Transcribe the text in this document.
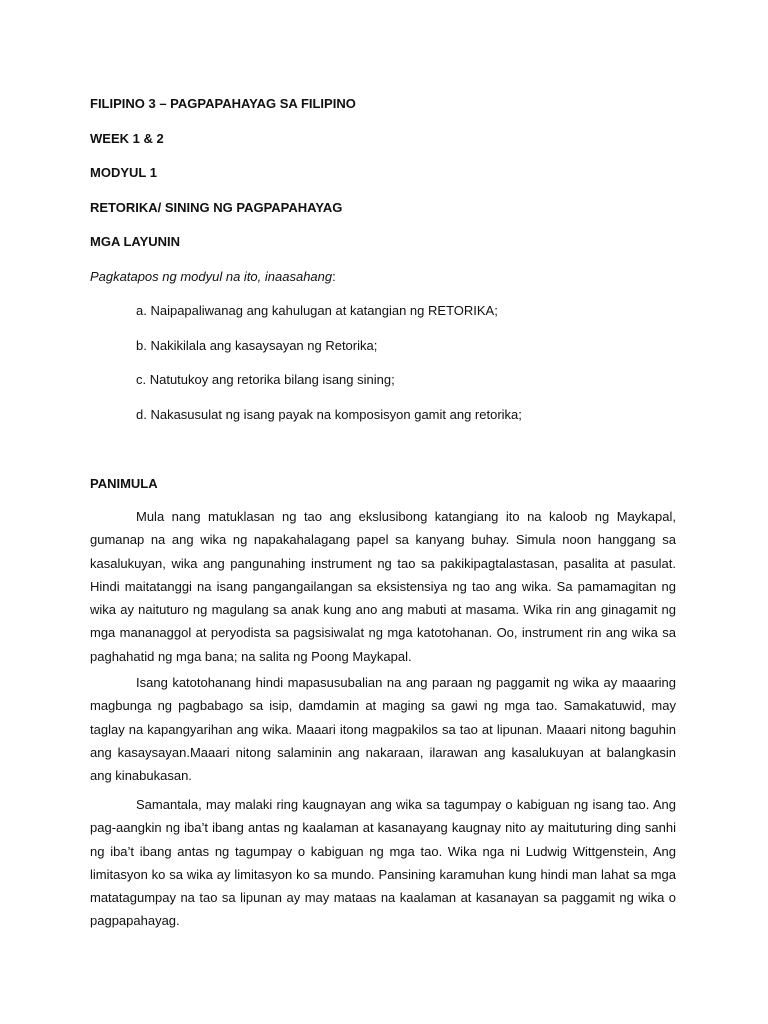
FILIPINO 3 – PAGPAPAHAYAG SA FILIPINO
WEEK 1 & 2
MODYUL 1
RETORIKA/ SINING NG PAGPAPAHAYAG
MGA LAYUNIN
Pagkatapos ng modyul na ito, inaasahang:
a. Naipapaliwanag ang kahulugan at katangian ng RETORIKA;
b. Nakikilala ang kasaysayan ng Retorika;
c. Natutukoy ang retorika bilang isang sining;
d. Nakasusulat ng isang payak na komposisyon gamit ang retorika;
PANIMULA

Mula nang matuklasan ng tao ang ekslusibong katangiang ito na kaloob ng Maykapal, gumanap na ang wika ng napakahalagang papel sa kanyang buhay. Simula noon hanggang sa kasalukuyan, wika ang pangunahing instrument ng tao sa pakikipagtalastasan, pasalita at pasulat. Hindi maitatanggi na isang pangangailangan sa eksistensiya ng tao ang wika. Sa pamamagitan ng wika ay naituturo ng magulang sa anak kung ano ang mabuti at masama. Wika rin ang ginagamit ng mga mananaggol at peryodista sa pagsisiwalat ng mga katotohanan. Oo, instrument rin ang wika sa paghahatid ng mga bana; na salita ng Poong Maykapal.

Isang katotohanang hindi mapasusubalian na ang paraan ng paggamit ng wika ay maaaring magbunga ng pagbabago sa isip, damdamin at maging sa gawi ng mga tao. Samakatuwid, may taglay na kapangyarihan ang wika. Maaari itong magpakilos sa tao at lipunan. Maaari nitong baguhin ang kasaysayan.Maaari nitong salaminin ang nakaraan, ilarawan ang kasalukuyan at balangkasin ang kinabukasan.

Samantala, may malaki ring kaugnayan ang wika sa tagumpay o kabiguan ng isang tao. Ang pag-aangkin ng iba’t ibang antas ng kaalaman at kasanayang kaugnay nito ay maituturing ding sanhi ng iba’t ibang antas ng tagumpay o kabiguan ng mga tao. Wika nga ni Ludwig Wittgenstein, Ang limitasyon ko sa wika ay limitasyon ko sa mundo. Pansining karamuhan kung hindi man lahat sa mga matatagumpay na tao sa lipunan ay may mataas na kaalaman at kasanayan sa paggamit ng wika o pagpapahayag.
